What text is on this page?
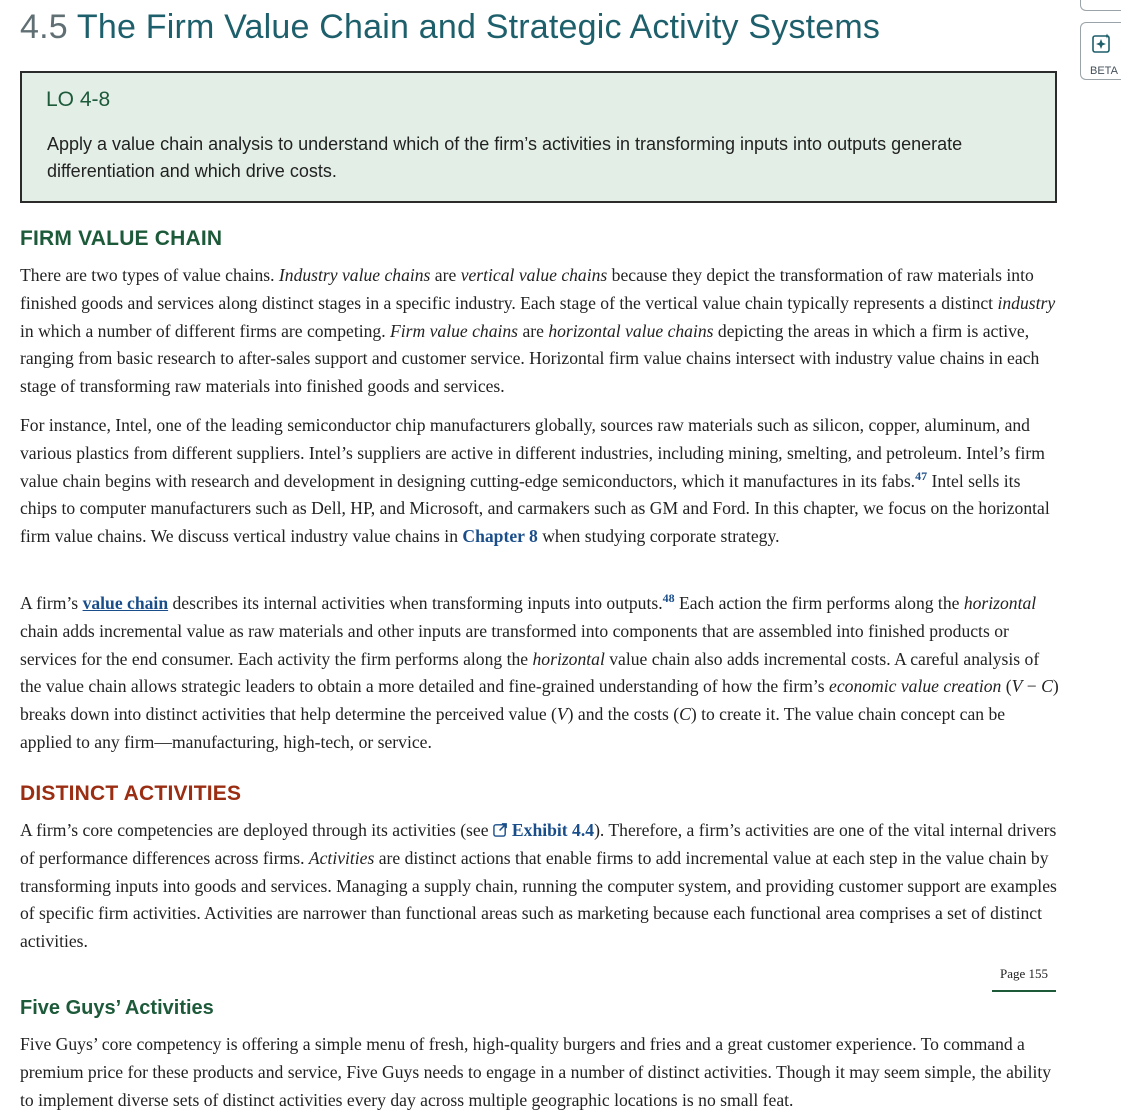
BETA
4.5 The Firm Value Chain and Strategic Activity Systems
LO 4-8
Apply a value chain analysis to understand which of the firm’s activities in transforming inputs into outputs generate differentiation and which drive costs.
FIRM VALUE CHAIN

There are two types of value chains. Industry value chains are vertical value chains because they depict the transformation of raw materials into finished goods and services along distinct stages in a specific industry. Each stage of the vertical value chain typically represents a distinct industry in which a number of different firms are competing. Firm value chains are horizontal value chains depicting the areas in which a firm is active, ranging from basic research to after-sales support and customer service. Horizontal firm value chains intersect with industry value chains in each stage of transforming raw materials into finished goods and services.

For instance, Intel, one of the leading semiconductor chip manufacturers globally, sources raw materials such as silicon, copper, aluminum, and various plastics from different suppliers. Intel’s suppliers are active in different industries, including mining, smelting, and petroleum. Intel’s firm value chain begins with research and development in designing cutting-edge semiconductors, which it manufactures in its fabs.$^{47}$ Intel sells its chips to computer manufacturers such as Dell, HP, and Microsoft, and carmakers such as GM and Ford. In this chapter, we focus on the horizontal firm value chains. We discuss vertical industry value chains in Chapter 8 when studying corporate strategy.

A firm’s value chain describes its internal activities when transforming inputs into outputs.$^{48}$ Each action the firm performs along the horizontal chain adds incremental value as raw materials and other inputs are transformed into components that are assembled into finished products or services for the end consumer. Each activity the firm performs along the horizontal value chain also adds incremental costs. A careful analysis of the value chain allows strategic leaders to obtain a more detailed and fine-grained understanding of how the firm’s economic value creation (V − C) breaks down into distinct activities that help determine the perceived value (V) and the costs (C) to create it. The value chain concept can be applied to any firm—manufacturing, high-tech, or service.

DISTINCT ACTIVITIES

A firm’s core competencies are deployed through its activities (see Exhibit 4.4). Therefore, a firm’s activities are one of the vital internal drivers of performance differences across firms. Activities are distinct actions that enable firms to add incremental value at each step in the value chain by transforming inputs into goods and services. Managing a supply chain, running the computer system, and providing customer support are examples of specific firm activities. Activities are narrower than functional areas such as marketing because each functional area comprises a set of distinct activities.

Page 155
Five Guys’ Activities

Five Guys’ core competency is offering a simple menu of fresh, high-quality burgers and fries and a great customer experience. To command a premium price for these products and service, Five Guys needs to engage in a number of distinct activities. Though it may seem simple, the ability to implement diverse sets of distinct activities every day across multiple geographic locations is no small feat.
